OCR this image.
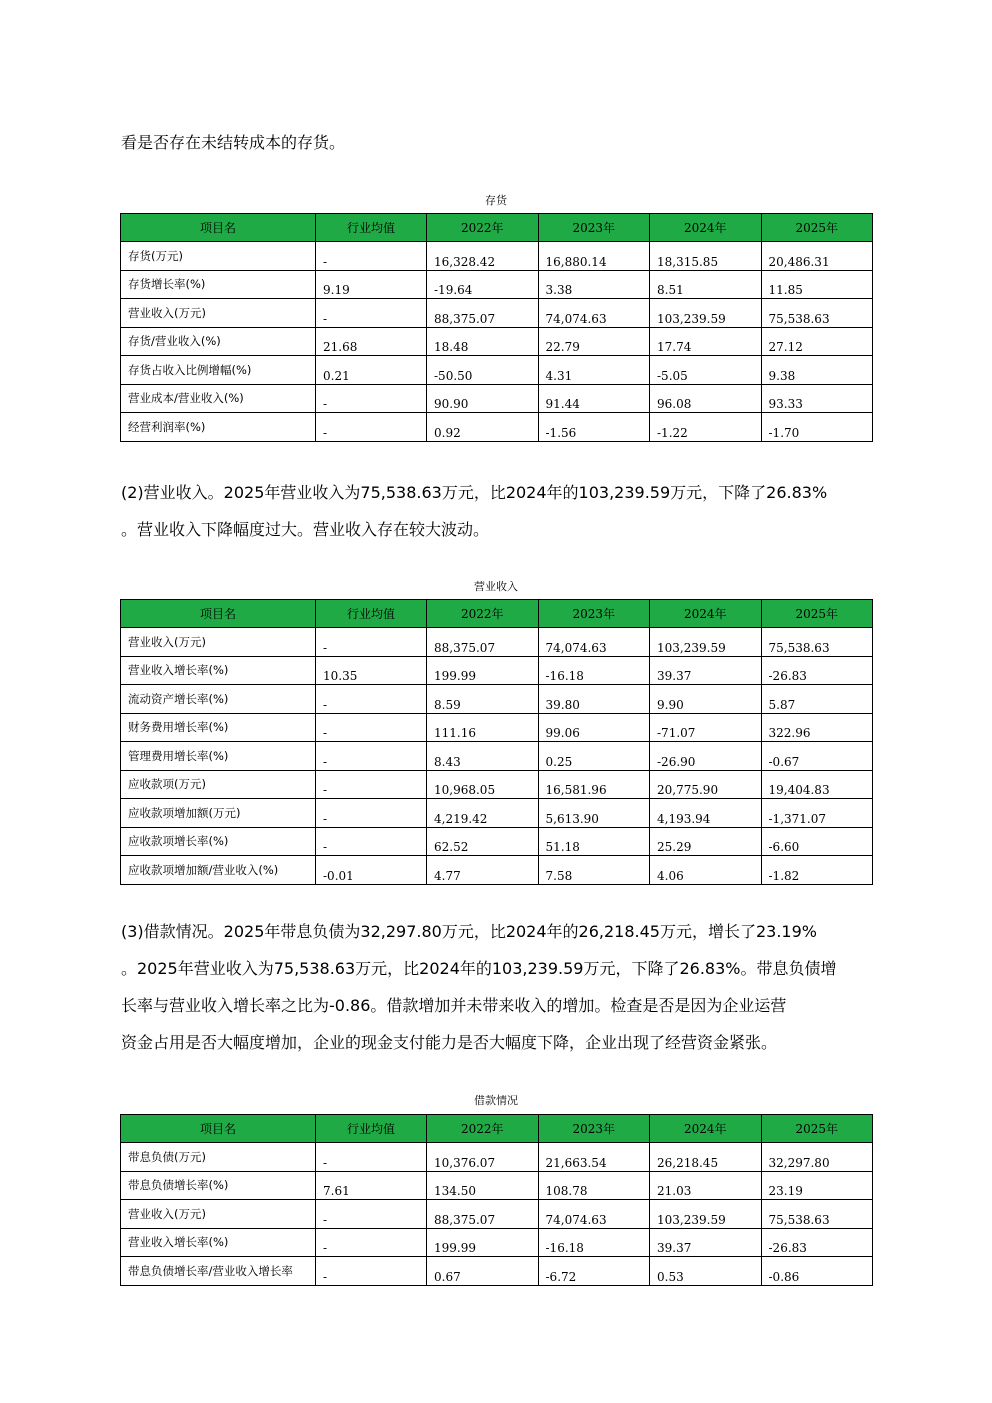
看是否存在未结转成本的存货。

存货
项目名	行业均值	2022年	2023年	2024年	2025年
存货(万元)	-	16,328.42	16,880.14	18,315.85	20,486.31
存货增长率(%)	9.19	-19.64	3.38	8.51	11.85
营业收入(万元)	-	88,375.07	74,074.63	103,239.59	75,538.63
存货/营业收入(%)	21.68	18.48	22.79	17.74	27.12
存货占收入比例增幅(%)	0.21	-50.50	4.31	-5.05	9.38
营业成本/营业收入(%)	-	90.90	91.44	96.08	93.33
经营利润率(%)	-	0.92	-1.56	-1.22	-1.70

(2)营业收入。2025年营业收入为75,538.63万元，比2024年的103,239.59万元，下降了26.83%
。营业收入下降幅度过大。营业收入存在较大波动。

营业收入
项目名	行业均值	2022年	2023年	2024年	2025年
营业收入(万元)	-	88,375.07	74,074.63	103,239.59	75,538.63
营业收入增长率(%)	10.35	199.99	-16.18	39.37	-26.83
流动资产增长率(%)	-	8.59	39.80	9.90	5.87
财务费用增长率(%)	-	111.16	99.06	-71.07	322.96
管理费用增长率(%)	-	8.43	0.25	-26.90	-0.67
应收款项(万元)	-	10,968.05	16,581.96	20,775.90	19,404.83
应收款项增加额(万元)	-	4,219.42	5,613.90	4,193.94	-1,371.07
应收款项增长率(%)	-	62.52	51.18	25.29	-6.60
应收款项增加额/营业收入(%)	-0.01	4.77	7.58	4.06	-1.82

(3)借款情况。2025年带息负债为32,297.80万元，比2024年的26,218.45万元，增长了23.19%
。2025年营业收入为75,538.63万元，比2024年的103,239.59万元，下降了26.83%。带息负债增
长率与营业收入增长率之比为-0.86。借款增加并未带来收入的增加。检查是否是因为企业运营
资金占用是否大幅度增加，企业的现金支付能力是否大幅度下降，企业出现了经营资金紧张。

借款情况
项目名	行业均值	2022年	2023年	2024年	2025年
带息负债(万元)	-	10,376.07	21,663.54	26,218.45	32,297.80
带息负债增长率(%)	7.61	134.50	108.78	21.03	23.19
营业收入(万元)	-	88,375.07	74,074.63	103,239.59	75,538.63
营业收入增长率(%)	-	199.99	-16.18	39.37	-26.83
带息负债增长率/营业收入增长率	-	0.67	-6.72	0.53	-0.86
